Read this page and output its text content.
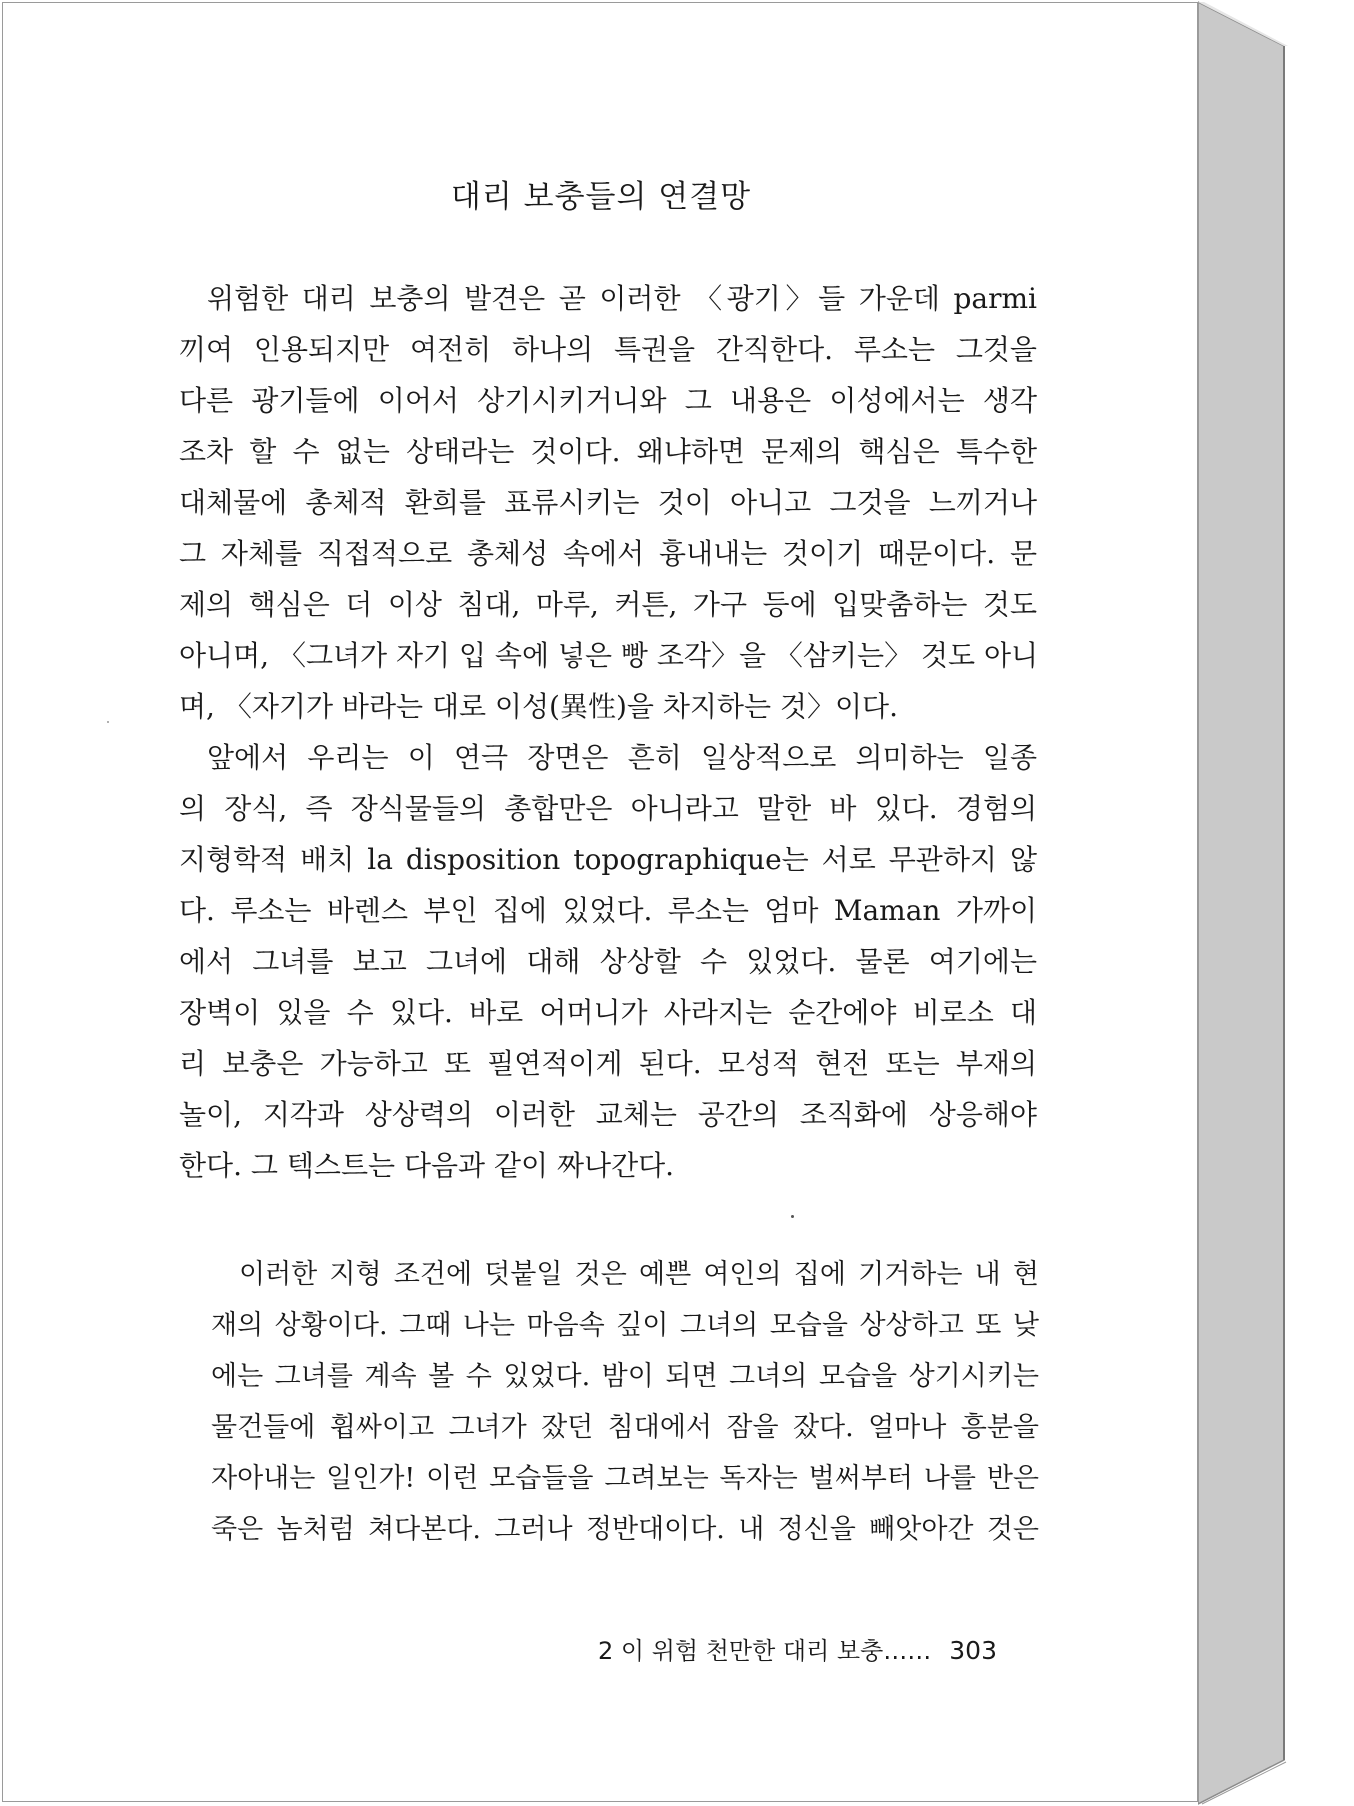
대리 보충들의 연결망
위험한 대리 보충의 발견은 곧 이러한 〈광기〉들 가운데 parmi
끼여 인용되지만 여전히 하나의 특권을 간직한다. 루소는 그것을
다른 광기들에 이어서 상기시키거니와 그 내용은 이성에서는 생각
조차 할 수 없는 상태라는 것이다. 왜냐하면 문제의 핵심은 특수한
대체물에 총체적 환희를 표류시키는 것이 아니고 그것을 느끼거나
그 자체를 직접적으로 총체성 속에서 흉내내는 것이기 때문이다. 문
제의 핵심은 더 이상 침대, 마루, 커튼, 가구 등에 입맞춤하는 것도
아니며, 〈그녀가 자기 입 속에 넣은 빵 조각〉을 〈삼키는〉 것도 아니
며, 〈자기가 바라는 대로 이성(異性)을 차지하는 것〉이다.
앞에서 우리는 이 연극 장면은 흔히 일상적으로 의미하는 일종
의 장식, 즉 장식물들의 총합만은 아니라고 말한 바 있다. 경험의
지형학적 배치 la disposition topographique는 서로 무관하지 않
다. 루소는 바렌스 부인 집에 있었다. 루소는 엄마 Maman 가까이
에서 그녀를 보고 그녀에 대해 상상할 수 있었다. 물론 여기에는
장벽이 있을 수 있다. 바로 어머니가 사라지는 순간에야 비로소 대
리 보충은 가능하고 또 필연적이게 된다. 모성적 현전 또는 부재의
놀이, 지각과 상상력의 이러한 교체는 공간의 조직화에 상응해야
한다. 그 텍스트는 다음과 같이 짜나간다.
이러한 지형 조건에 덧붙일 것은 예쁜 여인의 집에 기거하는 내 현
재의 상황이다. 그때 나는 마음속 깊이 그녀의 모습을 상상하고 또 낮
에는 그녀를 계속 볼 수 있었다. 밤이 되면 그녀의 모습을 상기시키는
물건들에 휩싸이고 그녀가 잤던 침대에서 잠을 잤다. 얼마나 흥분을
자아내는 일인가! 이런 모습들을 그려보는 독자는 벌써부터 나를 반은
죽은 놈처럼 쳐다본다. 그러나 정반대이다. 내 정신을 빼앗아간 것은
2 이 위험 천만한 대리 보충…… 303
